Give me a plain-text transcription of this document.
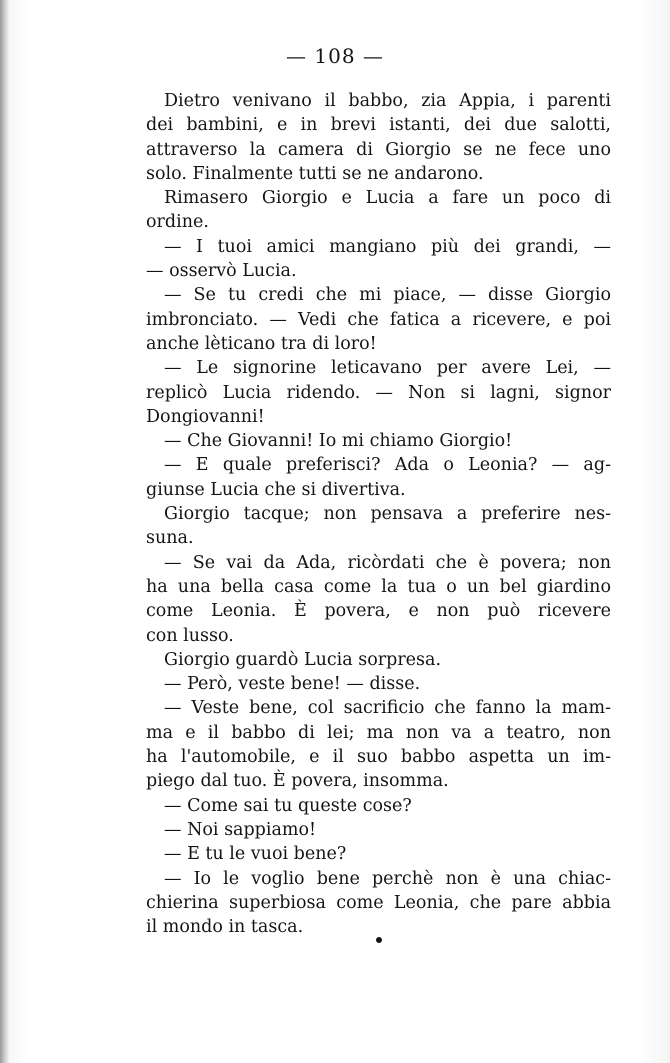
— 108 —
Dietro venivano il babbo, zia Appia, i parenti
dei bambini, e in brevi istanti, dei due salotti,
attraverso la camera di Giorgio se ne fece uno
solo. Finalmente tutti se ne andarono.
Rimasero Giorgio e Lucia a fare un poco di
ordine.
— I tuoi amici mangiano più dei grandi, —
— osservò Lucia.
— Se tu credi che mi piace, — disse Giorgio
imbronciato. — Vedi che fatica a ricevere, e poi
anche lèticano tra di loro!
— Le signorine leticavano per avere Lei, —
replicò Lucia ridendo. — Non si lagni, signor
Dongiovanni!
— Che Giovanni! Io mi chiamo Giorgio!
— E quale preferisci? Ada o Leonia? — ag-
giunse Lucia che si divertiva.
Giorgio tacque; non pensava a preferire nes-
suna.
— Se vai da Ada, ricòrdati che è povera; non
ha una bella casa come la tua o un bel giardino
come Leonia. È povera, e non può ricevere
con lusso.
Giorgio guardò Lucia sorpresa.
— Però, veste bene! — disse.
— Veste bene, col sacrificio che fanno la mam-
ma e il babbo di lei; ma non va a teatro, non
ha l'automobile, e il suo babbo aspetta un im-
piego dal tuo. È povera, insomma.
— Come sai tu queste cose?
— Noi sappiamo!
— E tu le vuoi bene?
— Io le voglio bene perchè non è una chiac-
chierina superbiosa come Leonia, che pare abbia
il mondo in tasca.
